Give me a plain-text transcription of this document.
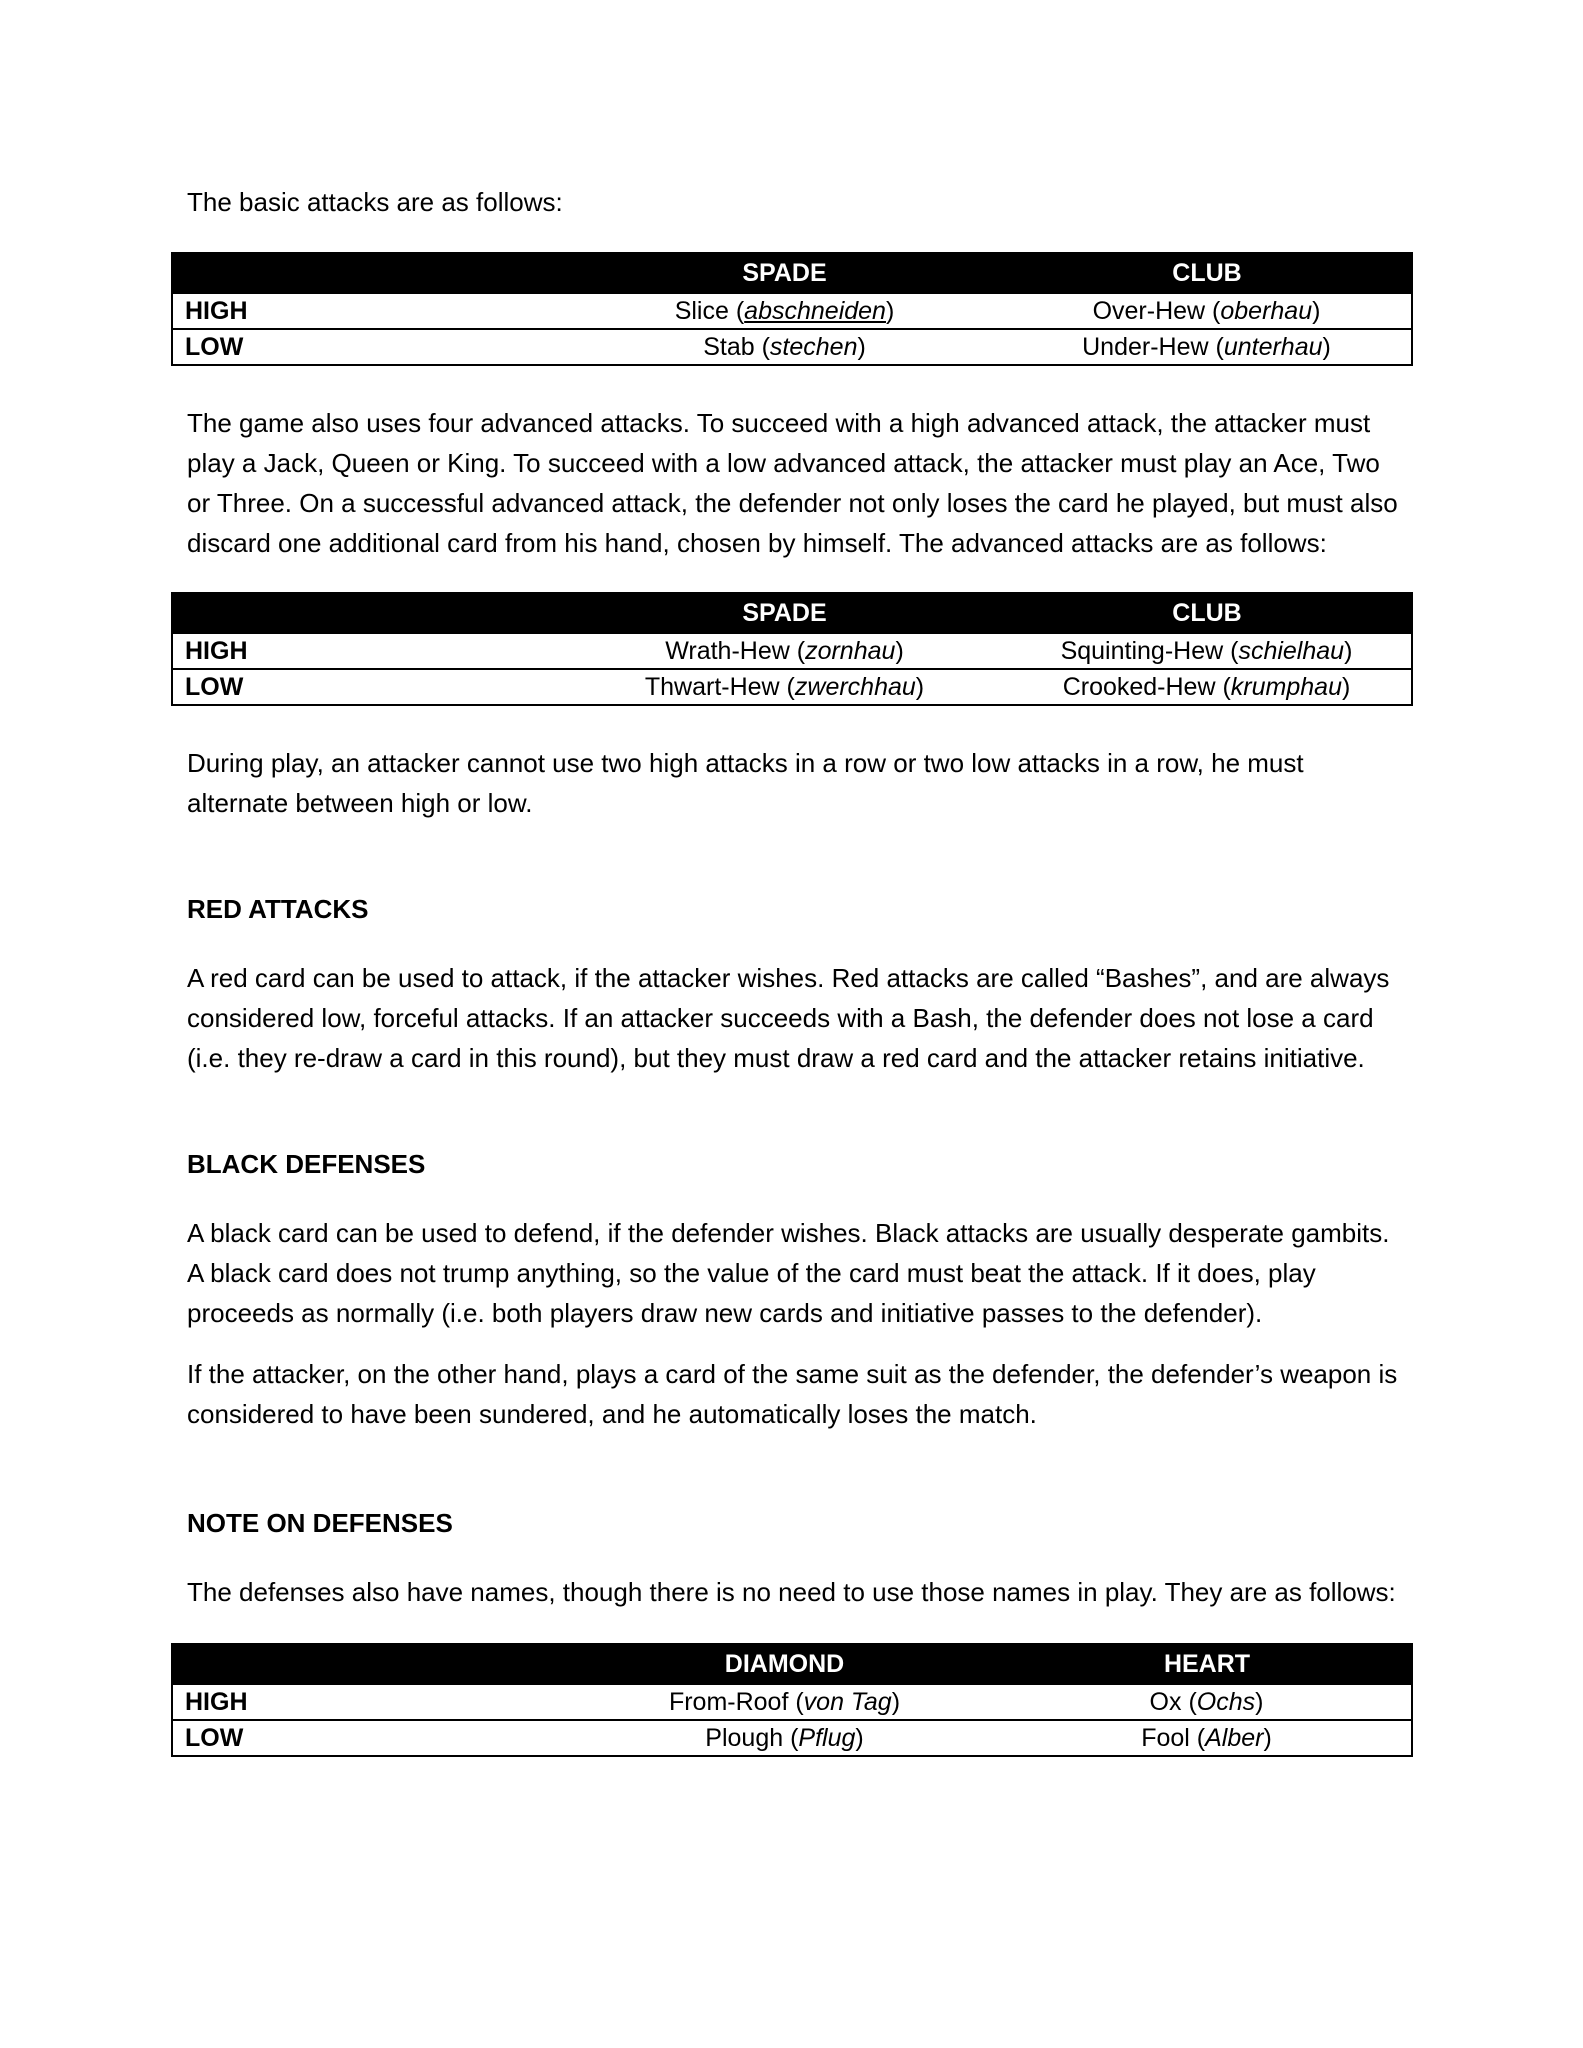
The basic attacks are as follows:

	SPADE	CLUB
HIGH	Slice (abschneiden)	Over-Hew (oberhau)
LOW	Stab (stechen)	Under-Hew (unterhau)

The game also uses four advanced attacks. To succeed with a high advanced attack, the attacker must play a Jack, Queen or King. To succeed with a low advanced attack, the attacker must play an Ace, Two or Three. On a successful advanced attack, the defender not only loses the card he played, but must also discard one additional card from his hand, chosen by himself. The advanced attacks are as follows:

	SPADE	CLUB
HIGH	Wrath-Hew (zornhau)	Squinting-Hew (schielhau)
LOW	Thwart-Hew (zwerchhau)	Crooked-Hew (krumphau)

During play, an attacker cannot use two high attacks in a row or two low attacks in a row, he must alternate between high or low.

RED ATTACKS

A red card can be used to attack, if the attacker wishes. Red attacks are called “Bashes”, and are always considered low, forceful attacks. If an attacker succeeds with a Bash, the defender does not lose a card (i.e. they re-draw a card in this round), but they must draw a red card and the attacker retains initiative.

BLACK DEFENSES

A black card can be used to defend, if the defender wishes. Black attacks are usually desperate gambits. A black card does not trump anything, so the value of the card must beat the attack. If it does, play proceeds as normally (i.e. both players draw new cards and initiative passes to the defender).

If the attacker, on the other hand, plays a card of the same suit as the defender, the defender’s weapon is considered to have been sundered, and he automatically loses the match.

NOTE ON DEFENSES

The defenses also have names, though there is no need to use those names in play. They are as follows:

	DIAMOND	HEART
HIGH	From-Roof (von Tag)	Ox (Ochs)
LOW	Plough (Pflug)	Fool (Alber)
